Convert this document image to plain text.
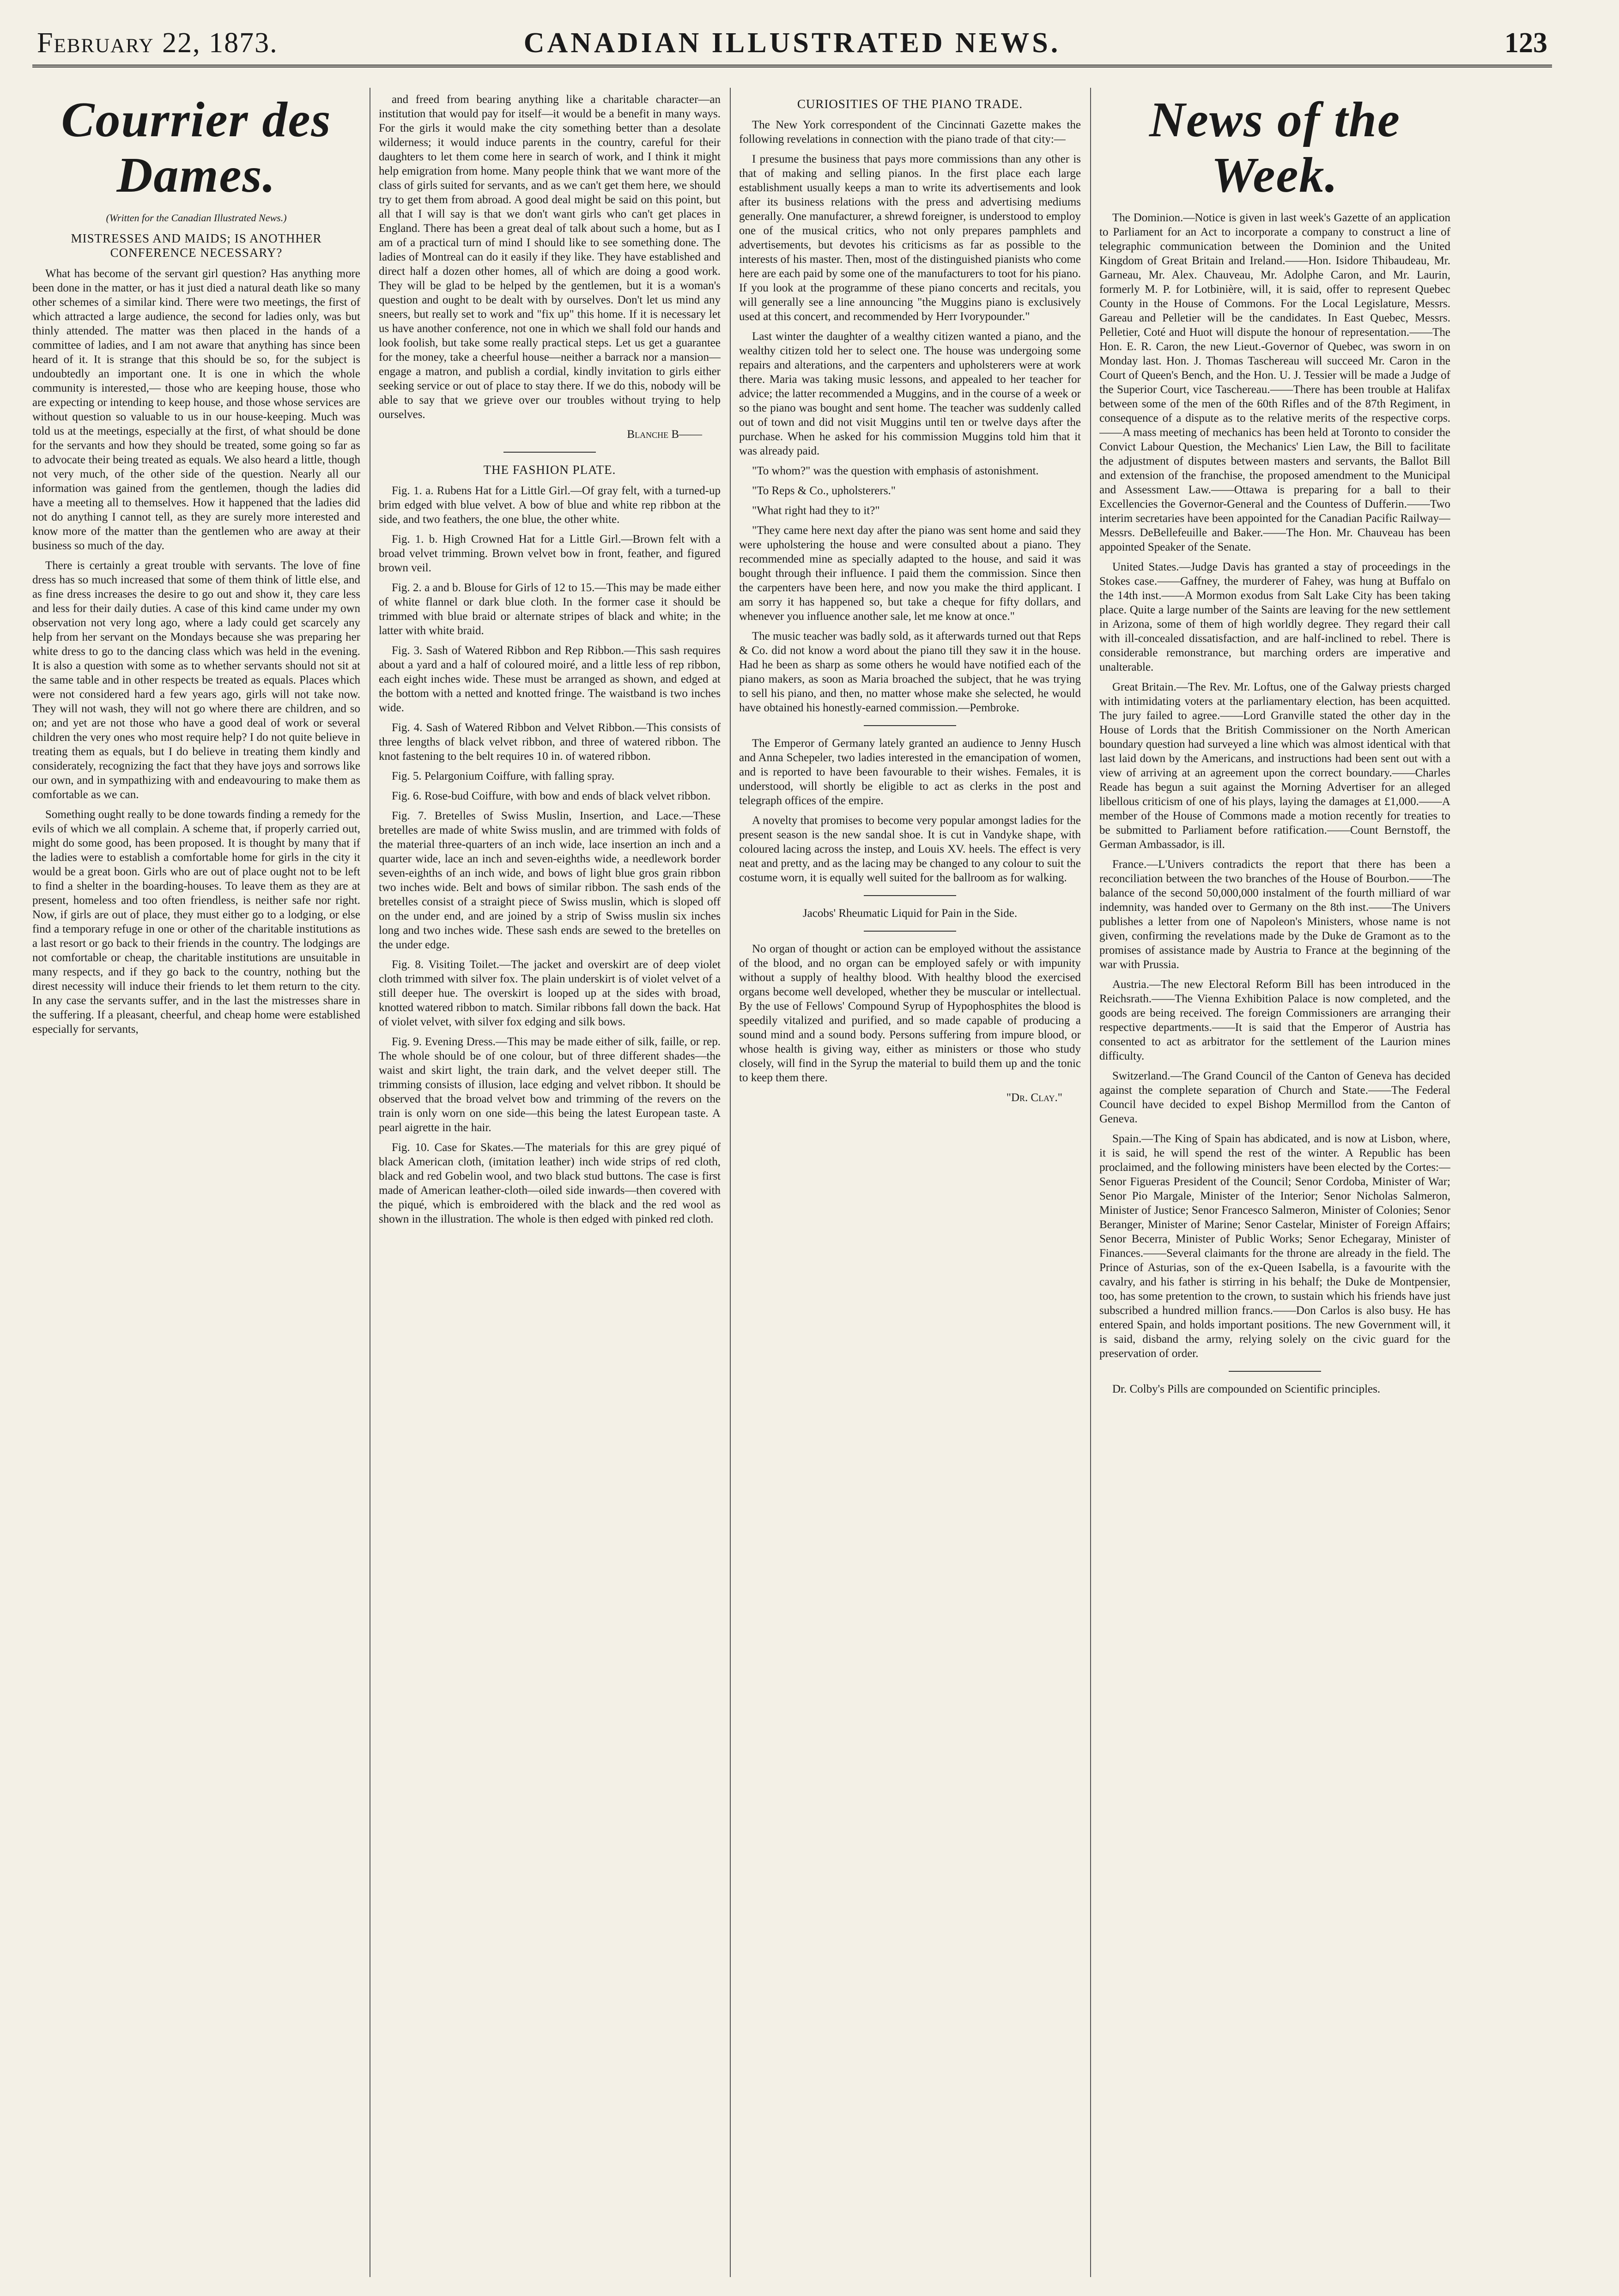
February 22, 1873.	CANADIAN ILLUSTRATED NEWS.	123
Courrier des Dames.
(Written for the Canadian Illustrated News.)
MISTRESSES AND MAIDS; IS ANOTHHER CONFERENCE NECESSARY?

What has become of the servant girl question? Has anything more been done in the matter, or has it just died a natural death like so many other schemes of a similar kind. There were two meetings, the first of which attracted a large audience, the second for ladies only, was but thinly attended. The matter was then placed in the hands of a committee of ladies, and I am not aware that anything has since been heard of it. It is strange that this should be so, for the subject is undoubtedly an important one. It is one in which the whole community is interested,— those who are keeping house, those who are expecting or intending to keep house, and those whose services are without question so valuable to us in our house-keeping. Much was told us at the meetings, especially at the first, of what should be done for the servants and how they should be treated, some going so far as to advocate their being treated as equals. We also heard a little, though not very much, of the other side of the question. Nearly all our information was gained from the gentlemen, though the ladies did have a meeting all to themselves. How it happened that the ladies did not do anything I cannot tell, as they are surely more interested and know more of the matter than the gentlemen who are away at their business so much of the day.

There is certainly a great trouble with servants. The love of fine dress has so much increased that some of them think of little else, and as fine dress increases the desire to go out and show it, they care less and less for their daily duties. A case of this kind came under my own observation not very long ago, where a lady could get scarcely any help from her servant on the Mondays because she was preparing her white dress to go to the dancing class which was held in the evening. It is also a question with some as to whether servants should not sit at the same table and in other respects be treated as equals. Places which were not considered hard a few years ago, girls will not take now. They will not wash, they will not go where there are children, and so on; and yet are not those who have a good deal of work or several children the very ones who most require help? I do not quite believe in treating them as equals, but I do believe in treating them kindly and considerately, recognizing the fact that they have joys and sorrows like our own, and in sympathizing with and endeavouring to make them as comfortable as we can.

Something ought really to be done towards finding a remedy for the evils of which we all complain. A scheme that, if properly carried out, might do some good, has been proposed. It is thought by many that if the ladies were to establish a comfortable home for girls in the city it would be a great boon. Girls who are out of place ought not to be left to find a shelter in the boarding-houses. To leave them as they are at present, homeless and too often friendless, is neither safe nor right. Now, if girls are out of place, they must either go to a lodging, or else find a temporary refuge in one or other of the charitable institutions as a last resort or go back to their friends in the country. The lodgings are not comfortable or cheap, the charitable institutions are unsuitable in many respects, and if they go back to the country, nothing but the direst necessity will induce their friends to let them return to the city. In any case the servants suffer, and in the last the mistresses share in the suffering. If a pleasant, cheerful, and cheap home were established especially for servants,

and freed from bearing anything like a charitable character—an institution that would pay for itself—it would be a benefit in many ways. For the girls it would make the city something better than a desolate wilderness; it would induce parents in the country, careful for their daughters to let them come here in search of work, and I think it might help emigration from home. Many people think that we want more of the class of girls suited for servants, and as we can't get them here, we should try to get them from abroad. A good deal might be said on this point, but all that I will say is that we don't want girls who can't get places in England. There has been a great deal of talk about such a home, but as I am of a practical turn of mind I should like to see something done. The ladies of Montreal can do it easily if they like. They have established and direct half a dozen other homes, all of which are doing a good work. They will be glad to be helped by the gentlemen, but it is a woman's question and ought to be dealt with by ourselves. Don't let us mind any sneers, but really set to work and "fix up" this home. If it is necessary let us have another conference, not one in which we shall fold our hands and look foolish, but take some really practical steps. Let us get a guarantee for the money, take a cheerful house—neither a barrack nor a mansion—engage a matron, and publish a cordial, kindly invitation to girls either seeking service or out of place to stay there. If we do this, nobody will be able to say that we grieve over our troubles without trying to help ourselves.

Blanche B——
THE FASHION PLATE.

Fig. 1. a. Rubens Hat for a Little Girl.—Of gray felt, with a turned-up brim edged with blue velvet. A bow of blue and white rep ribbon at the side, and two feathers, the one blue, the other white.

Fig. 1. b. High Crowned Hat for a Little Girl.—Brown felt with a broad velvet trimming. Brown velvet bow in front, feather, and figured brown veil.

Fig. 2. a and b. Blouse for Girls of 12 to 15.—This may be made either of white flannel or dark blue cloth. In the former case it should be trimmed with blue braid or alternate stripes of black and white; in the latter with white braid.

Fig. 3. Sash of Watered Ribbon and Rep Ribbon.—This sash requires about a yard and a half of coloured moiré, and a little less of rep ribbon, each eight inches wide. These must be arranged as shown, and edged at the bottom with a netted and knotted fringe. The waistband is two inches wide.

Fig. 4. Sash of Watered Ribbon and Velvet Ribbon.—This consists of three lengths of black velvet ribbon, and three of watered ribbon. The knot fastening to the belt requires 10 in. of watered ribbon.

Fig. 5. Pelargonium Coiffure, with falling spray.

Fig. 6. Rose-bud Coiffure, with bow and ends of black velvet ribbon.

Fig. 7. Bretelles of Swiss Muslin, Insertion, and Lace.—These bretelles are made of white Swiss muslin, and are trimmed with folds of the material three-quarters of an inch wide, lace insertion an inch and a quarter wide, lace an inch and seven-eighths wide, a needlework border seven-eighths of an inch wide, and bows of light blue gros grain ribbon two inches wide. Belt and bows of similar ribbon. The sash ends of the bretelles consist of a straight piece of Swiss muslin, which is sloped off on the under end, and are joined by a strip of Swiss muslin six inches long and two inches wide. These sash ends are sewed to the bretelles on the under edge.

Fig. 8. Visiting Toilet.—The jacket and overskirt are of deep violet cloth trimmed with silver fox. The plain underskirt is of violet velvet of a still deeper hue. The overskirt is looped up at the sides with broad, knotted watered ribbon to match. Similar ribbons fall down the back. Hat of violet velvet, with silver fox edging and silk bows.

Fig. 9. Evening Dress.—This may be made either of silk, faille, or rep. The whole should be of one colour, but of three different shades—the waist and skirt light, the train dark, and the velvet deeper still. The trimming consists of illusion, lace edging and velvet ribbon. It should be observed that the broad velvet bow and trimming of the revers on the train is only worn on one side—this being the latest European taste. A pearl aigrette in the hair.

Fig. 10. Case for Skates.—The materials for this are grey piqué of black American cloth, (imitation leather) inch wide strips of red cloth, black and red Gobelin wool, and two black stud buttons. The case is first made of American leather-cloth—oiled side inwards—then covered with the piqué, which is embroidered with the black and the red wool as shown in the illustration. The whole is then edged with pinked red cloth.

CURIOSITIES OF THE PIANO TRADE.

The New York correspondent of the Cincinnati Gazette makes the following revelations in connection with the piano trade of that city:—

I presume the business that pays more commissions than any other is that of making and selling pianos. In the first place each large establishment usually keeps a man to write its advertisements and look after its business relations with the press and advertising mediums generally. One manufacturer, a shrewd foreigner, is understood to employ one of the musical critics, who not only prepares pamphlets and advertisements, but devotes his criticisms as far as possible to the interests of his master. Then, most of the distinguished pianists who come here are each paid by some one of the manufacturers to toot for his piano. If you look at the programme of these piano concerts and recitals, you will generally see a line announcing "the Muggins piano is exclusively used at this concert, and recommended by Herr Ivorypounder."

Last winter the daughter of a wealthy citizen wanted a piano, and the wealthy citizen told her to select one. The house was undergoing some repairs and alterations, and the carpenters and upholsterers were at work there. Maria was taking music lessons, and appealed to her teacher for advice; the latter recommended a Muggins, and in the course of a week or so the piano was bought and sent home. The teacher was suddenly called out of town and did not visit Muggins until ten or twelve days after the purchase. When he asked for his commission Muggins told him that it was already paid.

"To whom?" was the question with emphasis of astonishment.

"To Reps & Co., upholsterers."

"What right had they to it?"

"They came here next day after the piano was sent home and said they were upholstering the house and were consulted about a piano. They recommended mine as specially adapted to the house, and said it was bought through their influence. I paid them the commission. Since then the carpenters have been here, and now you make the third applicant. I am sorry it has happened so, but take a cheque for fifty dollars, and whenever you influence another sale, let me know at once."

The music teacher was badly sold, as it afterwards turned out that Reps & Co. did not know a word about the piano till they saw it in the house. Had he been as sharp as some others he would have notified each of the piano makers, as soon as Maria broached the subject, that he was trying to sell his piano, and then, no matter whose make she selected, he would have obtained his honestly-earned commission.—Pembroke.

The Emperor of Germany lately granted an audience to Jenny Husch and Anna Schepeler, two ladies interested in the emancipation of women, and is reported to have been favourable to their wishes. Females, it is understood, will shortly be eligible to act as clerks in the post and telegraph offices of the empire.

A novelty that promises to become very popular amongst ladies for the present season is the new sandal shoe. It is cut in Vandyke shape, with coloured lacing across the instep, and Louis XV. heels. The effect is very neat and pretty, and as the lacing may be changed to any colour to suit the costume worn, it is equally well suited for the ballroom as for walking.

Jacobs' Rheumatic Liquid for Pain in the Side.

No organ of thought or action can be employed without the assistance of the blood, and no organ can be employed safely or with impunity without a supply of healthy blood. With healthy blood the exercised organs become well developed, whether they be muscular or intellectual. By the use of Fellows' Compound Syrup of Hypophosphites the blood is speedily vitalized and purified, and so made capable of producing a sound mind and a sound body. Persons suffering from impure blood, or whose health is giving way, either as ministers or those who study closely, will find in the Syrup the material to build them up and the tonic to keep them there.

"Dr. Clay."
News of the Week.

The Dominion.—Notice is given in last week's Gazette of an application to Parliament for an Act to incorporate a company to construct a line of telegraphic communication between the Dominion and the United Kingdom of Great Britain and Ireland.——Hon. Isidore Thibaudeau, Mr. Garneau, Mr. Alex. Chauveau, Mr. Adolphe Caron, and Mr. Laurin, formerly M. P. for Lotbinière, will, it is said, offer to represent Quebec County in the House of Commons. For the Local Legislature, Messrs. Gareau and Pelletier will be the candidates. In East Quebec, Messrs. Pelletier, Coté and Huot will dispute the honour of representation.——The Hon. E. R. Caron, the new Lieut.-Governor of Quebec, was sworn in on Monday last. Hon. J. Thomas Taschereau will succeed Mr. Caron in the Court of Queen's Bench, and the Hon. U. J. Tessier will be made a Judge of the Superior Court, vice Taschereau.——There has been trouble at Halifax between some of the men of the 60th Rifles and of the 87th Regiment, in consequence of a dispute as to the relative merits of the respective corps.——A mass meeting of mechanics has been held at Toronto to consider the Convict Labour Question, the Mechanics' Lien Law, the Bill to facilitate the adjustment of disputes between masters and servants, the Ballot Bill and extension of the franchise, the proposed amendment to the Municipal and Assessment Law.——Ottawa is preparing for a ball to their Excellencies the Governor-General and the Countess of Dufferin.——Two interim secretaries have been appointed for the Canadian Pacific Railway—Messrs. DeBellefeuille and Baker.——The Hon. Mr. Chauveau has been appointed Speaker of the Senate.

United States.—Judge Davis has granted a stay of proceedings in the Stokes case.——Gaffney, the murderer of Fahey, was hung at Buffalo on the 14th inst.——A Mormon exodus from Salt Lake City has been taking place. Quite a large number of the Saints are leaving for the new settlement in Arizona, some of them of high worldly degree. They regard their call with ill-concealed dissatisfaction, and are half-inclined to rebel. There is considerable remonstrance, but marching orders are imperative and unalterable.

Great Britain.—The Rev. Mr. Loftus, one of the Galway priests charged with intimidating voters at the parliamentary election, has been acquitted. The jury failed to agree.——Lord Granville stated the other day in the House of Lords that the British Commissioner on the North American boundary question had surveyed a line which was almost identical with that last laid down by the Americans, and instructions had been sent out with a view of arriving at an agreement upon the correct boundary.——Charles Reade has begun a suit against the Morning Advertiser for an alleged libellous criticism of one of his plays, laying the damages at £1,000.——A member of the House of Commons made a motion recently for treaties to be submitted to Parliament before ratification.——Count Bernstoff, the German Ambassador, is ill.

France.—L'Univers contradicts the report that there has been a reconciliation between the two branches of the House of Bourbon.——The balance of the second 50,000,000 instalment of the fourth milliard of war indemnity, was handed over to Germany on the 8th inst.——The Univers publishes a letter from one of Napoleon's Ministers, whose name is not given, confirming the revelations made by the Duke de Gramont as to the promises of assistance made by Austria to France at the beginning of the war with Prussia.

Austria.—The new Electoral Reform Bill has been introduced in the Reichsrath.——The Vienna Exhibition Palace is now completed, and the goods are being received. The foreign Commissioners are arranging their respective departments.——It is said that the Emperor of Austria has consented to act as arbitrator for the settlement of the Laurion mines difficulty.

Switzerland.—The Grand Council of the Canton of Geneva has decided against the complete separation of Church and State.——The Federal Council have decided to expel Bishop Mermillod from the Canton of Geneva.

Spain.—The King of Spain has abdicated, and is now at Lisbon, where, it is said, he will spend the rest of the winter. A Republic has been proclaimed, and the following ministers have been elected by the Cortes:—Senor Figueras President of the Council; Senor Cordoba, Minister of War; Senor Pio Margale, Minister of the Interior; Senor Nicholas Salmeron, Minister of Justice; Senor Francesco Salmeron, Minister of Colonies; Senor Beranger, Minister of Marine; Senor Castelar, Minister of Foreign Affairs; Senor Becerra, Minister of Public Works; Senor Echegaray, Minister of Finances.——Several claimants for the throne are already in the field. The Prince of Asturias, son of the ex-Queen Isabella, is a favourite with the cavalry, and his father is stirring in his behalf; the Duke de Montpensier, too, has some pretention to the crown, to sustain which his friends have just subscribed a hundred million francs.——Don Carlos is also busy. He has entered Spain, and holds important positions. The new Government will, it is said, disband the army, relying solely on the civic guard for the preservation of order.

Dr. Colby's Pills are compounded on Scientific principles.
